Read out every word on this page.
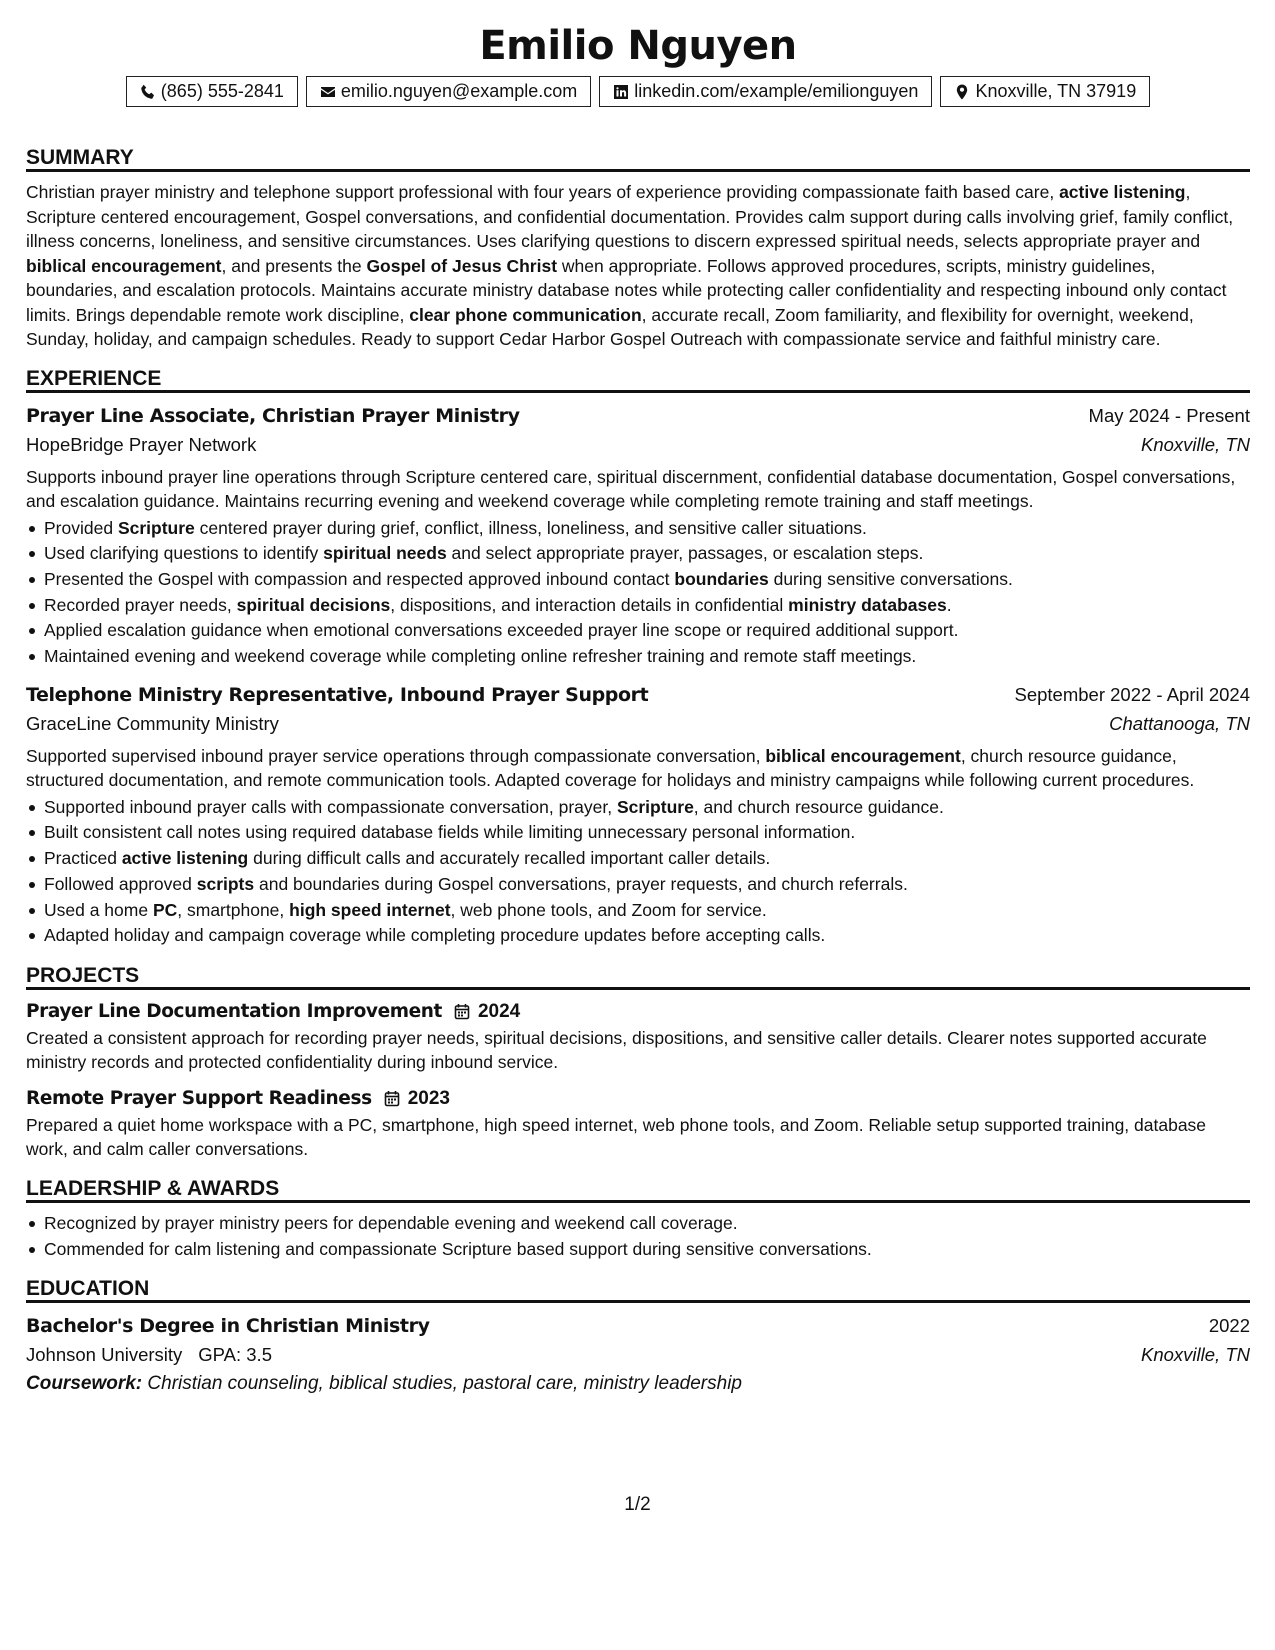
Emilio Nguyen
(865) 555-2841	emilio.nguyen@example.com	linkedin.com/example/emilionguyen	Knoxville, TN 37919
SUMMARY

Christian prayer ministry and telephone support professional with four years of experience providing compassionate faith based care, active listening, Scripture centered encouragement, Gospel conversations, and confidential documentation. Provides calm support during calls involving grief, family conflict, illness concerns, loneliness, and sensitive circumstances. Uses clarifying questions to discern expressed spiritual needs, selects appropriate prayer and biblical encouragement, and presents the Gospel of Jesus Christ when appropriate. Follows approved procedures, scripts, ministry guidelines, boundaries, and escalation protocols. Maintains accurate ministry database notes while protecting caller confidentiality and respecting inbound only contact limits. Brings dependable remote work discipline, clear phone communication, accurate recall, Zoom familiarity, and flexibility for overnight, weekend, Sunday, holiday, and campaign schedules. Ready to support Cedar Harbor Gospel Outreach with compassionate service and faithful ministry care.

EXPERIENCE
Prayer Line Associate, Christian Prayer Ministry	May 2024 - Present
HopeBridge Prayer Network	Knoxville, TN

Supports inbound prayer line operations through Scripture centered care, spiritual discernment, confidential database documentation, Gospel conversations, and escalation guidance. Maintains recurring evening and weekend coverage while completing remote training and staff meetings.

Provided Scripture centered prayer during grief, conflict, illness, loneliness, and sensitive caller situations.
Used clarifying questions to identify spiritual needs and select appropriate prayer, passages, or escalation steps.
Presented the Gospel with compassion and respected approved inbound contact boundaries during sensitive conversations.
Recorded prayer needs, spiritual decisions, dispositions, and interaction details in confidential ministry databases.
Applied escalation guidance when emotional conversations exceeded prayer line scope or required additional support.
Maintained evening and weekend coverage while completing online refresher training and remote staff meetings.
Telephone Ministry Representative, Inbound Prayer Support	September 2022 - April 2024
GraceLine Community Ministry	Chattanooga, TN

Supported supervised inbound prayer service operations through compassionate conversation, biblical encouragement, church resource guidance, structured documentation, and remote communication tools. Adapted coverage for holidays and ministry campaigns while following current procedures.

Supported inbound prayer calls with compassionate conversation, prayer, Scripture, and church resource guidance.
Built consistent call notes using required database fields while limiting unnecessary personal information.
Practiced active listening during difficult calls and accurately recalled important caller details.
Followed approved scripts and boundaries during Gospel conversations, prayer requests, and church referrals.
Used a home PC, smartphone, high speed internet, web phone tools, and Zoom for service.
Adapted holiday and campaign coverage while completing procedure updates before accepting calls.
PROJECTS
Prayer Line Documentation Improvement 2024

Created a consistent approach for recording prayer needs, spiritual decisions, dispositions, and sensitive caller details. Clearer notes supported accurate ministry records and protected confidentiality during inbound service.

Remote Prayer Support Readiness 2023

Prepared a quiet home workspace with a PC, smartphone, high speed internet, web phone tools, and Zoom. Reliable setup supported training, database work, and calm caller conversations.

LEADERSHIP & AWARDS
Recognized by prayer ministry peers for dependable evening and weekend call coverage.
Commended for calm listening and compassionate Scripture based support during sensitive conversations.
EDUCATION
Bachelor's Degree in Christian Ministry	2022
Johnson University GPA: 3.5	Knoxville, TN
Coursework: Christian counseling, biblical studies, pastoral care, ministry leadership
1/2
